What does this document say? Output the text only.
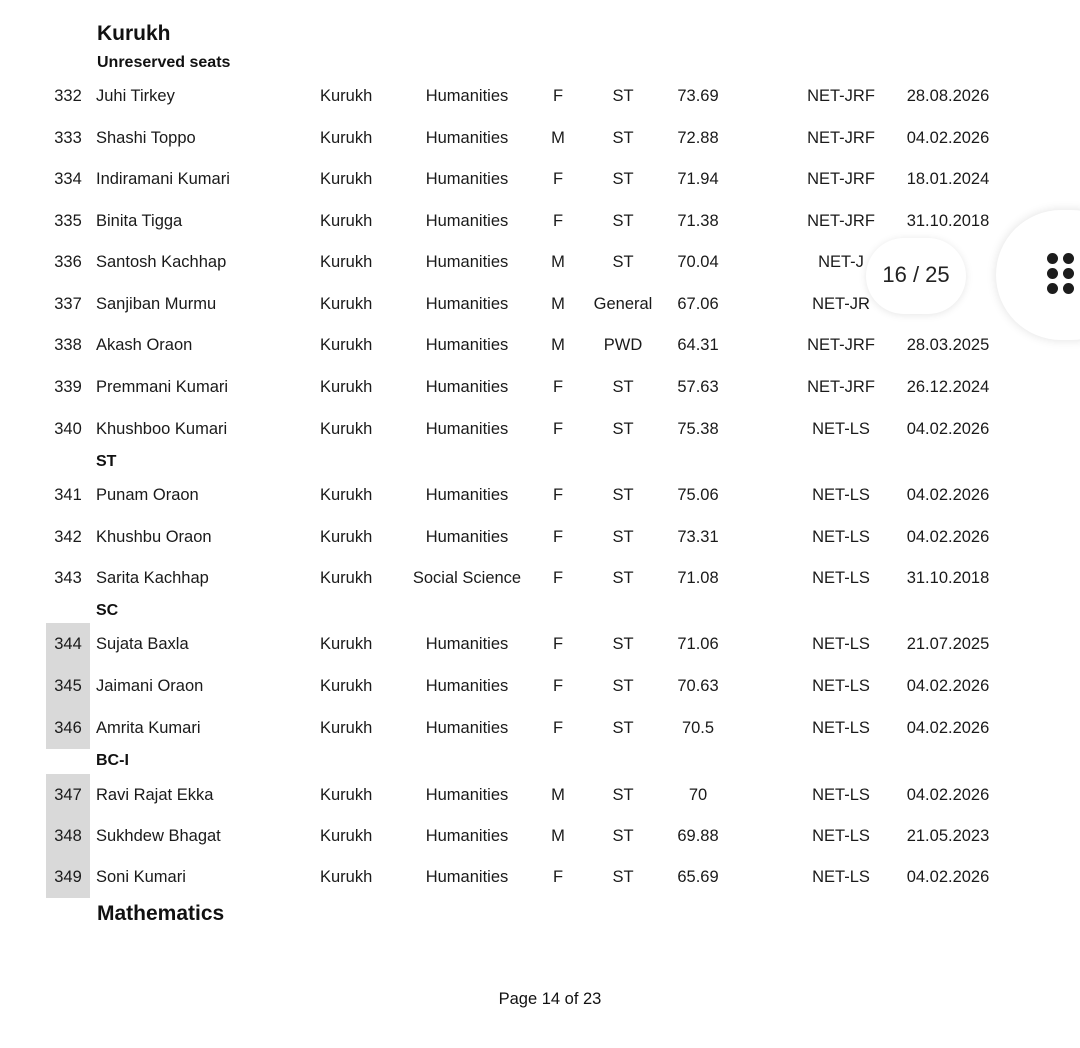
Kurukh
Unreserved seats
332 Juhi Tirkey	Kurukh	Humanities	F	ST	73.69	NET-JRF	28.08.2026
333 Shashi Toppo	Kurukh	Humanities	M	ST	72.88	NET-JRF	04.02.2026
334 Indiramani Kumari	Kurukh	Humanities	F	ST	71.94	NET-JRF	18.01.2024
335 Binita Tigga	Kurukh	Humanities	F	ST	71.38	NET-JRF	31.10.2018
336 Santosh Kachhap	Kurukh	Humanities	M	ST	70.04	NET-J
337 Sanjiban Murmu	Kurukh	Humanities	M	General	67.06	NET-JR
338 Akash Oraon	Kurukh	Humanities	M	PWD	64.31	NET-JRF	28.03.2025
339 Premmani Kumari	Kurukh	Humanities	F	ST	57.63	NET-JRF	26.12.2024
340 Khushboo Kumari	Kurukh	Humanities	F	ST	75.38	NET-LS	04.02.2026
ST
341 Punam Oraon	Kurukh	Humanities	F	ST	75.06	NET-LS	04.02.2026
342 Khushbu Oraon	Kurukh	Humanities	F	ST	73.31	NET-LS	04.02.2026
343 Sarita Kachhap	Kurukh	Social Science	F	ST	71.08	NET-LS	31.10.2018
SC
344 Sujata Baxla	Kurukh	Humanities	F	ST	71.06	NET-LS	21.07.2025
345 Jaimani Oraon	Kurukh	Humanities	F	ST	70.63	NET-LS	04.02.2026
346 Amrita Kumari	Kurukh	Humanities	F	ST	70.5	NET-LS	04.02.2026
BC-I
347 Ravi Rajat Ekka	Kurukh	Humanities	M	ST	70	NET-LS	04.02.2026
348 Sukhdew Bhagat	Kurukh	Humanities	M	ST	69.88	NET-LS	21.05.2023
349 Soni Kumari	Kurukh	Humanities	F	ST	65.69	NET-LS	04.02.2026
Mathematics
Page 14 of 23
16 / 25
